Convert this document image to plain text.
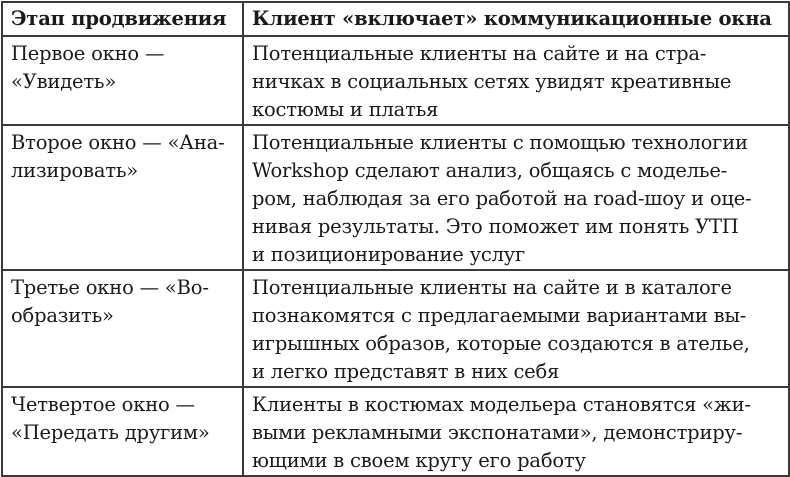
Этап продвижения	Клиент «включает» коммуникационные окна

Первое окно —
«Увидеть»	Потенциальные клиенты на сайте и на стра-
ничках в социальных сетях увидят креативные
костюмы и платья

Второе окно — «Ана-
лизировать»	Потенциальные клиенты с помощью технологии
Workshop сделают анализ, общаясь с модельe-
ром, наблюдая за его работой на road-шоу и оце-
нивая результаты. Это поможет им понять УТП
и позиционирование услуг

Третье окно — «Во-
образить»	Потенциальные клиенты на сайте и в каталоге
познакомятся с предлагаемыми вариантами вы-
игрышных образов, которые создаются в ателье,
и легко представят в них себя

Четвертое окно —
«Передать другим»	Клиенты в костюмах модельера становятся «жи-
выми рекламными экспонатами», демонстриру-
ющими в своем кругу его работу
